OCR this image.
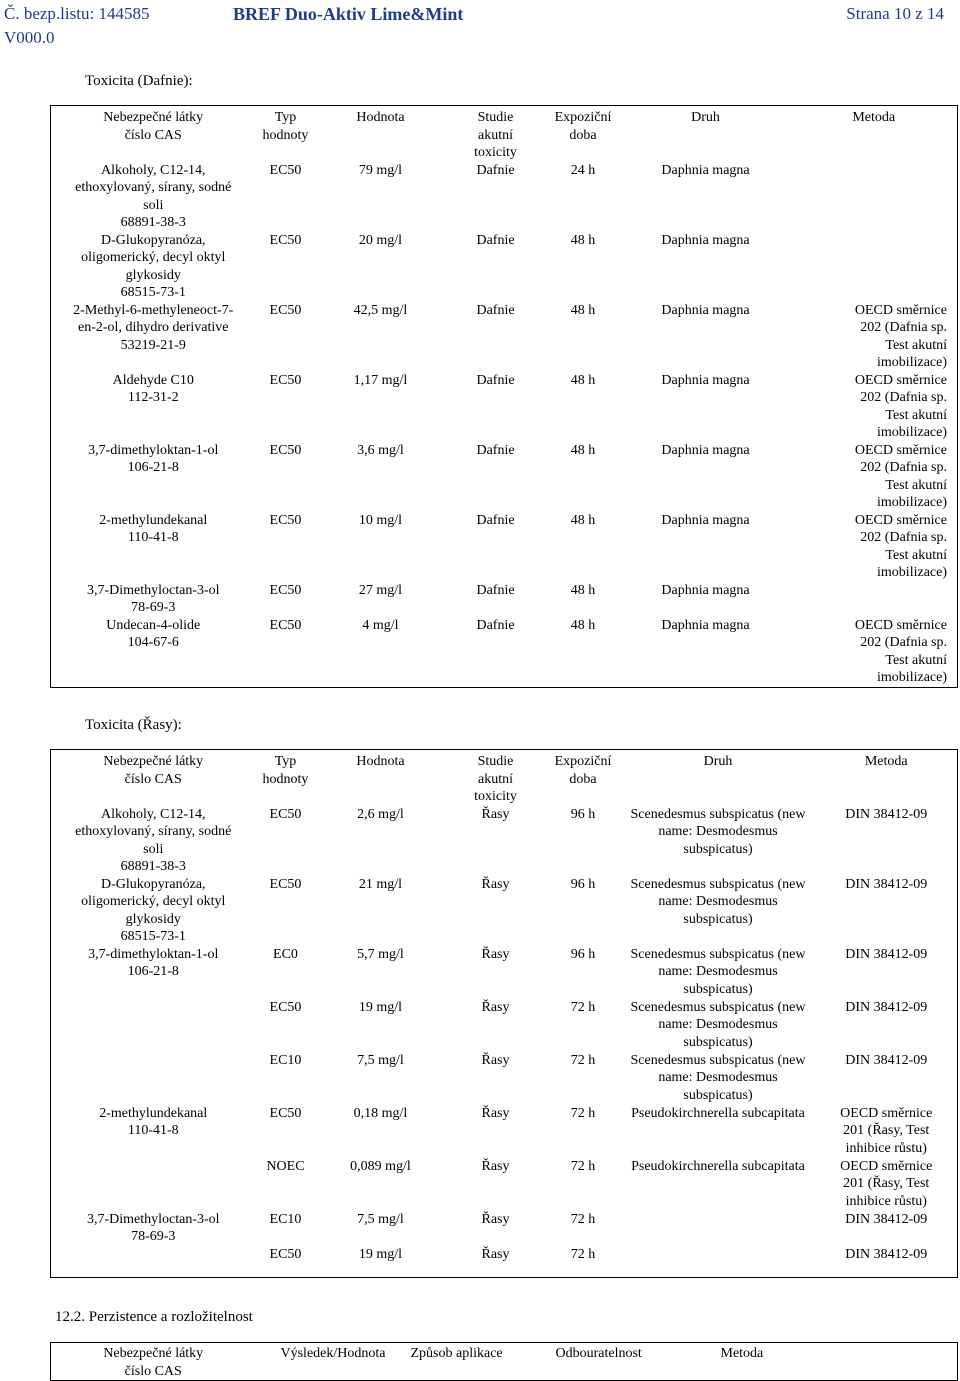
Č. bezp.listu: 144585
V000.0
BREF Duo-Aktiv Lime&Mint	Strana 10 z 14
Toxicita (Dafnie):
Nebezpečné látky
číslo CAS	Typ
hodnoty	Hodnota	Studie
akutní
toxicity	Expoziční
doba	Druh	Metoda

Alkoholy, C12-14,
ethoxylovaný, sírany, sodné
soli
68891-38-3	EC50	79 mg/l	Dafnie	24 h	Daphnia magna	

D-Glukopyranóza,
oligomerický, decyl oktyl
glykosidy
68515-73-1	EC50	20 mg/l	Dafnie	48 h	Daphnia magna	

2-Methyl-6-methyleneoct-7-
en-2-ol, dihydro derivative
53219-21-9	EC50	42,5 mg/l	Dafnie	48 h	Daphnia magna	OECD směrnice
202 (Dafnia sp.
Test akutní
imobilizace)

Aldehyde C10
112-31-2	EC50	1,17 mg/l	Dafnie	48 h	Daphnia magna	OECD směrnice
202 (Dafnia sp.
Test akutní
imobilizace)

3,7-dimethyloktan-1-ol
106-21-8	EC50	3,6 mg/l	Dafnie	48 h	Daphnia magna	OECD směrnice
202 (Dafnia sp.
Test akutní
imobilizace)

2-methylundekanal
110-41-8	EC50	10 mg/l	Dafnie	48 h	Daphnia magna	OECD směrnice
202 (Dafnia sp.
Test akutní
imobilizace)

3,7-Dimethyloctan-3-ol
78-69-3	EC50	27 mg/l	Dafnie	48 h	Daphnia magna	

Undecan-4-olide
104-67-6	EC50	4 mg/l	Dafnie	48 h	Daphnia magna	OECD směrnice
202 (Dafnia sp.
Test akutní
imobilizace)
Toxicita (Řasy):
Nebezpečné látky
číslo CAS	Typ
hodnoty	Hodnota	Studie
akutní
toxicity	Expoziční
doba	Druh	Metoda

Alkoholy, C12-14,
ethoxylovaný, sírany, sodné
soli
68891-38-3	EC50	2,6 mg/l	Řasy	96 h	Scenedesmus subspicatus (new
name: Desmodesmus
subspicatus)	DIN 38412-09

D-Glukopyranóza,
oligomerický, decyl oktyl
glykosidy
68515-73-1	EC50	21 mg/l	Řasy	96 h	Scenedesmus subspicatus (new
name: Desmodesmus
subspicatus)	DIN 38412-09

3,7-dimethyloktan-1-ol
106-21-8	EC0	5,7 mg/l	Řasy	96 h	Scenedesmus subspicatus (new
name: Desmodesmus
subspicatus)	DIN 38412-09

	EC50	19 mg/l	Řasy	72 h	Scenedesmus subspicatus (new
name: Desmodesmus
subspicatus)	DIN 38412-09

	EC10	7,5 mg/l	Řasy	72 h	Scenedesmus subspicatus (new
name: Desmodesmus
subspicatus)	DIN 38412-09

2-methylundekanal
110-41-8	EC50	0,18 mg/l	Řasy	72 h	Pseudokirchnerella subcapitata	OECD směrnice
201 (Řasy, Test
inhibice růstu)

	NOEC	0,089 mg/l	Řasy	72 h	Pseudokirchnerella subcapitata	OECD směrnice
201 (Řasy, Test
inhibice růstu)

3,7-Dimethyloctan-3-ol
78-69-3	EC10	7,5 mg/l	Řasy	72 h		DIN 38412-09

	EC50	19 mg/l	Řasy	72 h		DIN 38412-09
12.2. Perzistence a rozložitelnost
Nebezpečné látky
číslo CAS
	Výsledek/Hodnota	Způsob aplikace	Odbouratelnost	Metoda
